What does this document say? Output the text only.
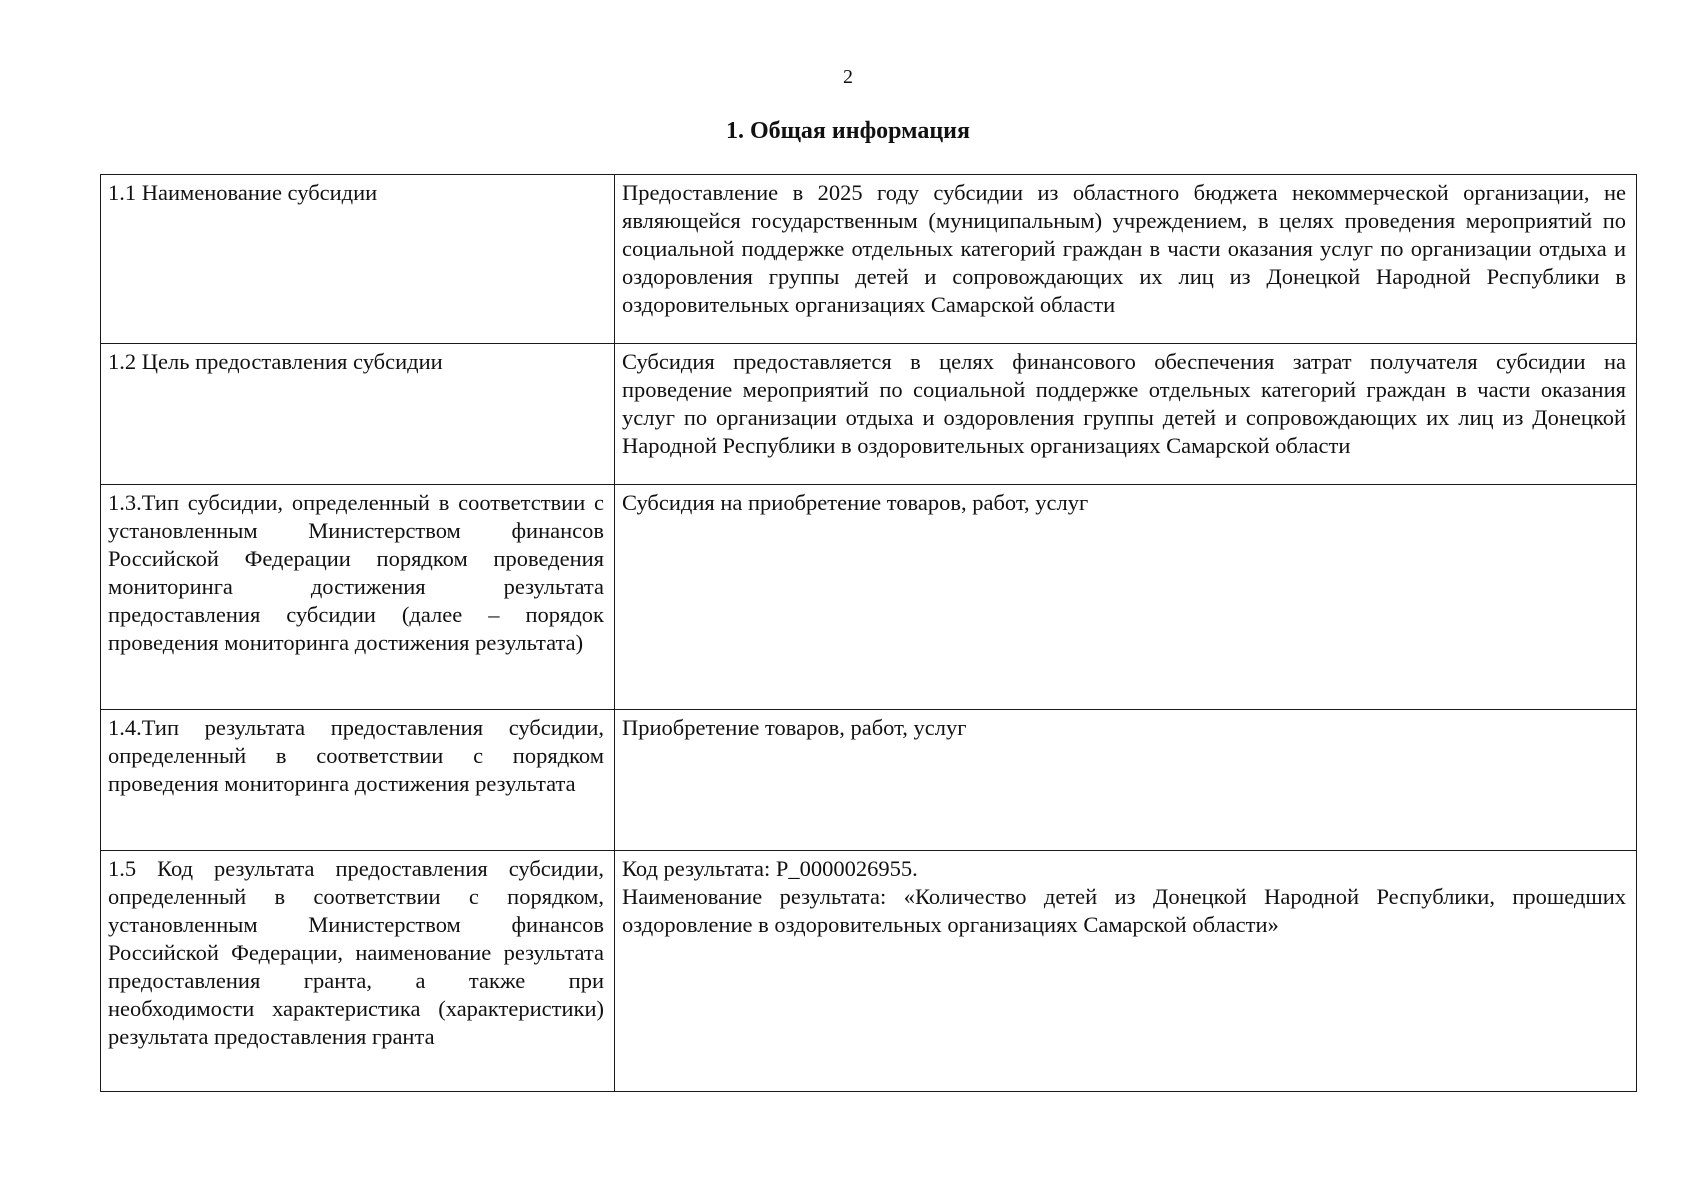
2
1. Общая информация
1.1 Наименование субсидии	Предоставление в 2025 году субсидии из областного бюджета некоммерческой организации, не являющейся государственным (муниципальным) учреждением, в целях проведения мероприятий по социальной поддержке отдельных категорий граждан в части оказания услуг по организации отдыха и оздоровления группы детей и сопровождающих их лиц из Донецкой Народной Республики в оздоровительных организациях Самарской области

1.2 Цель предоставления субсидии	Субсидия предоставляется в целях финансового обеспечения затрат получателя субсидии на проведение мероприятий по социальной поддержке отдельных категорий граждан в части оказания услуг по организации отдыха и оздоровления группы детей и сопровождающих их лиц из Донецкой Народной Республики в оздоровительных организациях Самарской области

1.3.Тип субсидии, определенный в соответствии с установленным Министерством финансов Российской Федерации порядком проведения мониторинга достижения результата предоставления субсидии (далее – порядок проведения мониторинга достижения результата)	Субсидия на приобретение товаров, работ, услуг

1.4.Тип результата предоставления субсидии, определенный в соответствии с порядком проведения мониторинга достижения результата	Приобретение товаров, работ, услуг

1.5 Код результата предоставления субсидии, определенный в соответствии с порядком, установленным Министерством финансов Российской Федерации, наименование результата предоставления гранта, а также при необходимости характеристика (характеристики) результата предоставления гранта	Код результата: Р_0000026955.
Наименование результата: «Количество детей из Донецкой Народной Республики, прошедших оздоровление в оздоровительных организациях Самарской области»
